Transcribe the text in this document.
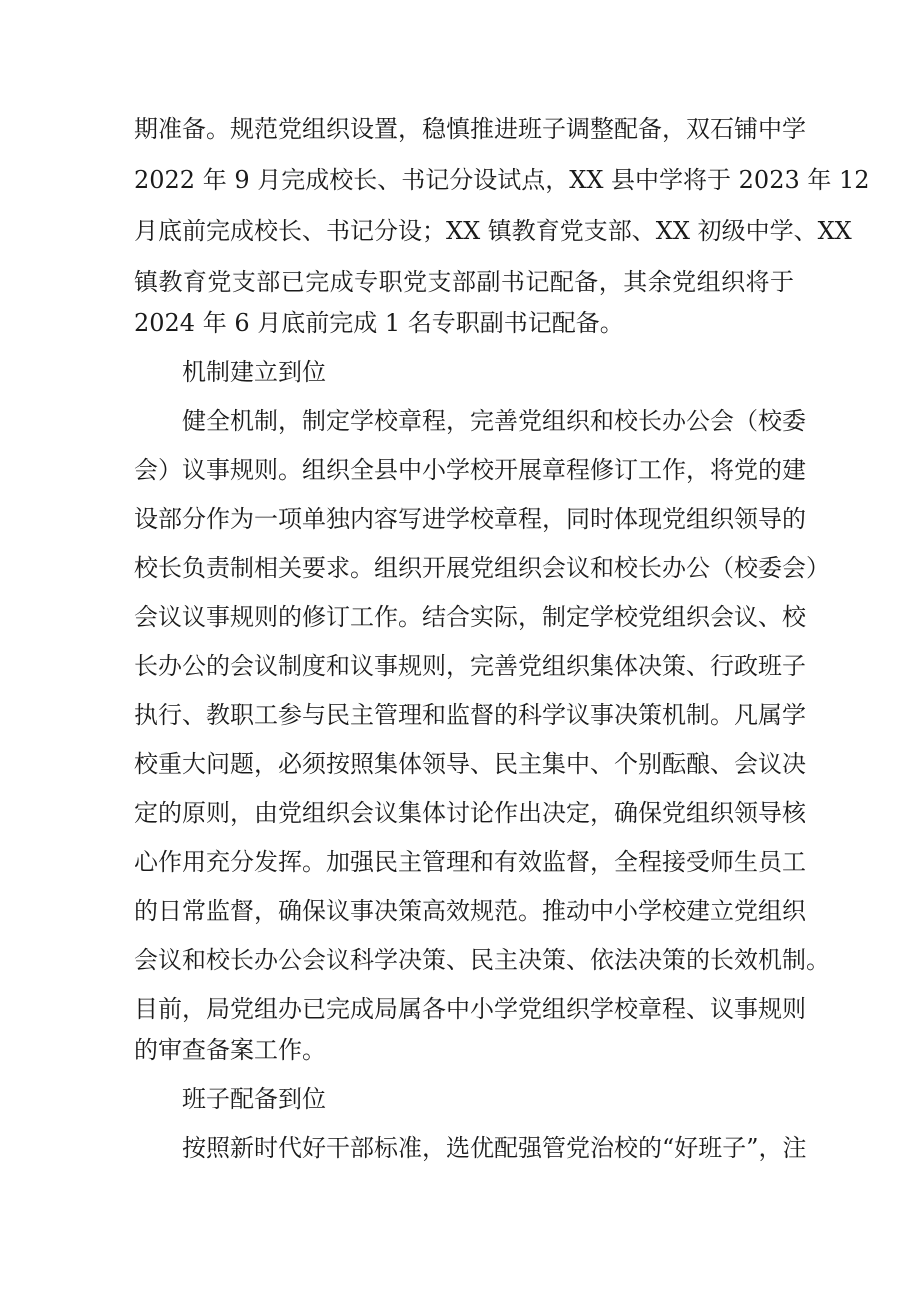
期准备。规范党组织设置，稳慎推进班子调整配备，双石铺中学
2022 年 9 月完成校长、书记分设试点，XX 县中学将于 2023 年 12
月底前完成校长、书记分设；XX 镇教育党支部、XX 初级中学、XX
镇教育党支部已完成专职党支部副书记配备，其余党组织将于
2024 年 6 月底前完成 1 名专职副书记配备。
机制建立到位
健全机制，制定学校章程，完善党组织和校长办公会（校委
会）议事规则。组织全县中小学校开展章程修订工作，将党的建
设部分作为一项单独内容写进学校章程，同时体现党组织领导的
校长负责制相关要求。组织开展党组织会议和校长办公（校委会）
会议议事规则的修订工作。结合实际，制定学校党组织会议、校
长办公的会议制度和议事规则，完善党组织集体决策、行政班子
执行、教职工参与民主管理和监督的科学议事决策机制。凡属学
校重大问题，必须按照集体领导、民主集中、个别酝酿、会议决
定的原则，由党组织会议集体讨论作出决定，确保党组织领导核
心作用充分发挥。加强民主管理和有效监督，全程接受师生员工
的日常监督，确保议事决策高效规范。推动中小学校建立党组织
会议和校长办公会议科学决策、民主决策、依法决策的长效机制。
目前，局党组办已完成局属各中小学党组织学校章程、议事规则
的审查备案工作。
班子配备到位
按照新时代好干部标准，选优配强管党治校的“好班子”，注
